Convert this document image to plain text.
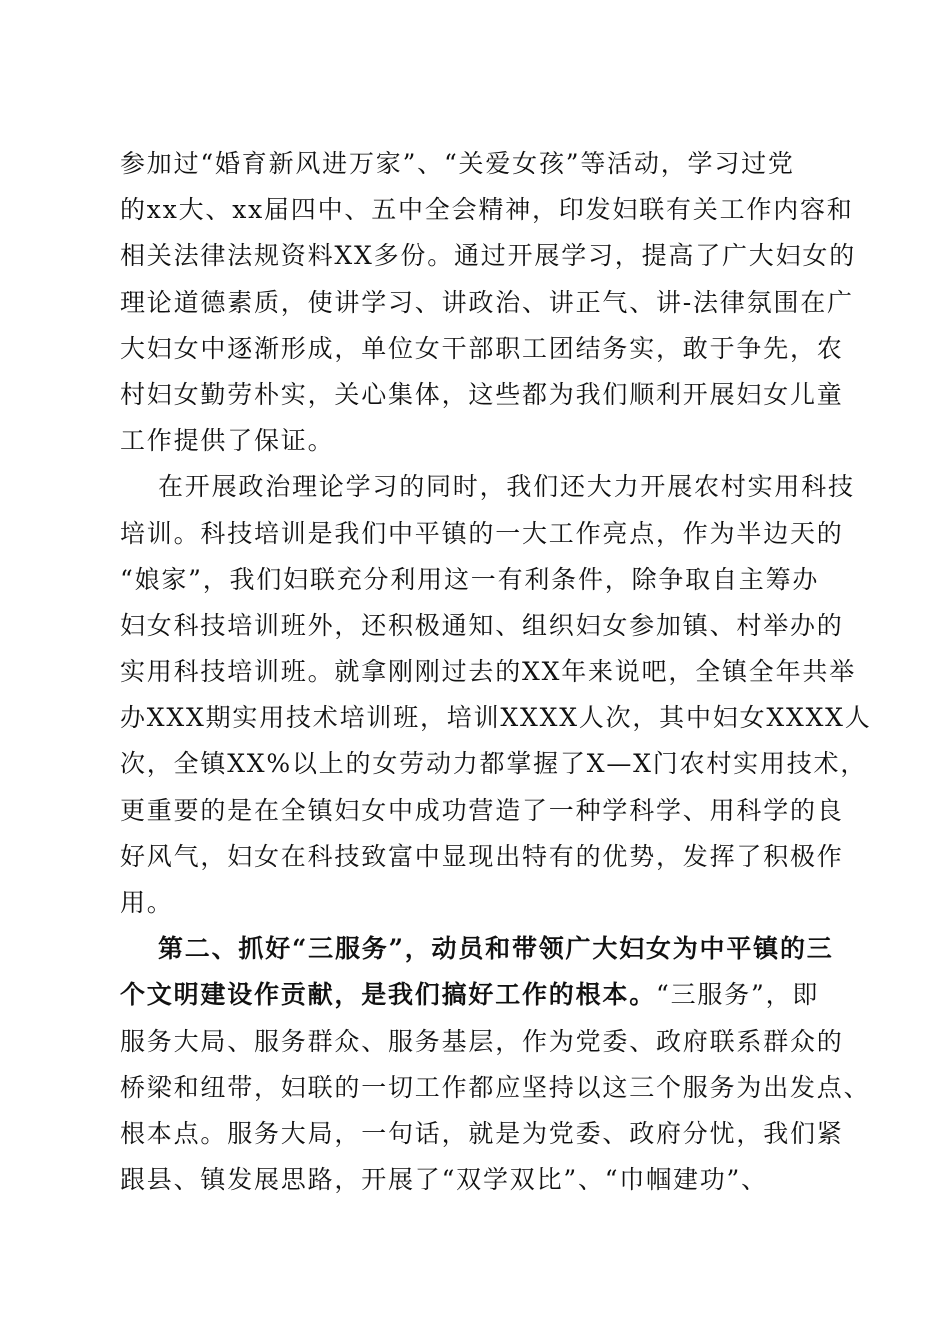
参加过“婚育新风进万家”、“关爱女孩”等活动，学习过党
的xx大、xx届四中、五中全会精神，印发妇联有关工作内容和
相关法律法规资料XX多份。通过开展学习，提高了广大妇女的
理论道德素质，使讲学习、讲政治、讲正气、讲-法律氛围在广
大妇女中逐渐形成，单位女干部职工团结务实，敢于争先，农
村妇女勤劳朴实，关心集体，这些都为我们顺利开展妇女儿童
工作提供了保证。
在开展政治理论学习的同时，我们还大力开展农村实用科技
培训。科技培训是我们中平镇的一大工作亮点，作为半边天的
“娘家”，我们妇联充分利用这一有利条件，除争取自主筹办
妇女科技培训班外，还积极通知、组织妇女参加镇、村举办的
实用科技培训班。就拿刚刚过去的XX年来说吧，全镇全年共举
办XXX期实用技术培训班，培训XXXX人次，其中妇女XXXX人
次，全镇XX%以上的女劳动力都掌握了X—X门农村实用技术，
更重要的是在全镇妇女中成功营造了一种学科学、用科学的良
好风气，妇女在科技致富中显现出特有的优势，发挥了积极作
用。
第二、抓好“三服务”，动员和带领广大妇女为中平镇的三
个文明建设作贡献，是我们搞好工作的根本。“三服务”，即
服务大局、服务群众、服务基层，作为党委、政府联系群众的
桥梁和纽带，妇联的一切工作都应坚持以这三个服务为出发点、
根本点。服务大局，一句话，就是为党委、政府分忧，我们紧
跟县、镇发展思路，开展了“双学双比”、“巾帼建功”、
